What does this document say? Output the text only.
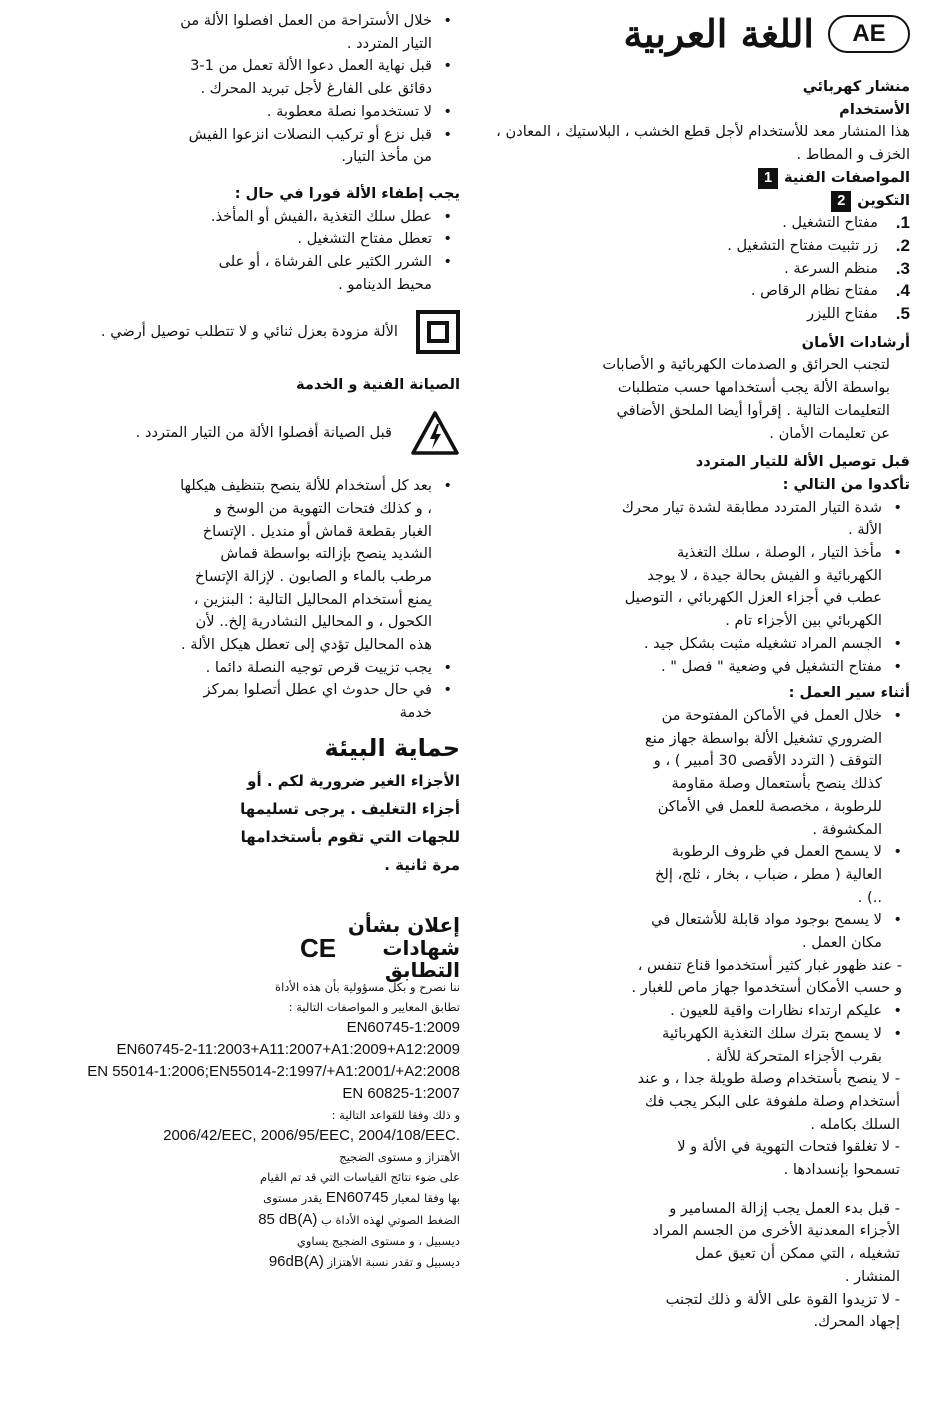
AE
اللغة العربية

منشار كهربائي

الأستخدام

هذا المنشار معد للأستخدام لأجل قطع الخشب ، البلاستيك ، المعادن ، الخزف و المطاط .

المواصفات الفنية1

التكوين2

1.
مفتاح التشغيل .
2.
زر تثبيت مفتاح التشغيل .
3.
منظم السرعة .
4.
مفتاح نظام الرقاص .
5.
مفتاح الليزر

أرشادات الأمان

لتجنب الحرائق و الصدمات الكهربائية و الأصابات بواسطة الألة يجب أستخدامها حسب متطلبات التعليمات التالية . إقرأوا أيضا الملحق الأضافي عن تعليمات الأمان .

قبل توصيل الألة للتيار المتردد

تأكدوا من التالي :

• شدة التيار المتردد مطابقة لشدة تيار محرك الألة .
• مأخذ التيار ، الوصلة ، سلك التغذية الكهربائية و الفيش بحالة جيدة ، لا يوجد عطب في أجزاء العزل الكهربائي ، التوصيل الكهربائي بين الأجزاء تام .
• الجسم المراد تشغيله مثبت بشكل جيد .
• مفتاح التشغيل في وضعية " فصل " .

أثناء سير العمل :

• خلال العمل في الأماكن المفتوحة من الضروري تشغيل الألة بواسطة جهاز منع التوقف ( التردد الأقصى 30 أمبير ) ، و كذلك ينصح بأستعمال وصلة مقاومة للرطوبة ، مخصصة للعمل في الأماكن المكشوفة .
• لا يسمح العمل في ظروف الرطوبة العالية ( مطر ، ضباب ، بخار ، ثلج، إلخ ..) .
• لا يسمح بوجود مواد قابلة للأشتعال في مكان العمل .

- عند ظهور غبار كثير أستخدموا قناع تنفس ، و حسب الأمكان أستخدموا جهاز ماص للغبار .

• عليكم ارتداء نظارات واقية للعيون .
• لا يسمح بترك سلك التغذية الكهربائية بقرب الأجزاء المتحركة للألة .

- لا ينصح بأستخدام وصلة طويلة جدا ، و عند أستخدام وصلة ملفوفة على البكر يجب فك السلك بكامله .

- لا تغلقوا فتحات التهوية في الألة و لا تسمحوا بإنسدادها .

- قبل بدء العمل يجب إزالة المسامير و الأجزاء المعدنية الأخرى من الجسم المراد تشغيله ، التي ممكن أن تعيق عمل المنشار .

- لا تزيدوا القوة على الألة و ذلك لتجنب إجهاد المحرك.

• خلال الأستراحة من العمل افصلوا الألة من التيار المتردد .
• قبل نهاية العمل دعوا الألة تعمل من 1-3 دقائق على الفارغ لأجل تبريد المحرك .
• لا تستخدموا نصلة معطوبة .
• قبل نزع أو تركيب النصلات انزعوا الفيش من مأخذ التيار.

يجب إطفاء الألة فورا في حال :

• عطل سلك التغذية ،الفيش أو المأخذ.
• تعطل مفتاح التشغيل .
• الشرر الكثير على الفرشاة ، أو على محيط الدينامو .
الألة مزودة بعزل ثنائي و لا تتطلب توصيل أرضي .

الصيانة الفنية و الخدمة

قبل الصيانة أفصلوا الألة من التيار المتردد .
• بعد كل أستخدام للألة ينصح بتنظيف هيكلها ، و كذلك فتحات التهوية من الوسخ و الغبار بقطعة قماش أو منديل . الإتساخ الشديد ينصح بإزالته بواسطة قماش مرطب بالماء و الصابون . لإزالة الإتساخ يمنع أستخدام المحاليل التالية : البنزين ، الكحول ، و المحاليل النشادرية إلخ.. لأن هذه المحاليل تؤدي إلى تعطل هيكل الألة .
• يجب تزييت قرص توجيه النصلة دائما .
• في حال حدوث اي عطل أتصلوا بمركز خدمة

حماية البيئة

الأجزاء الغير ضرورية لكم . أو أجزاء التغليف . يرجى تسليمها للجهات التي تقوم بأستخدامها مرة ثانية .

إعلان بشأن شهادات التطابق
CE

ننا نصرح و بكل مسؤولية بأن هذه الأداة

تطابق المعايير و المواصفات التالية :

EN60745-1:2009

EN60745-2-11:2003+A11:2007+A1:2009+A12:2009

EN 55014-1:2006;EN55014-2:1997/+A1:2001/+A2:2008

EN 60825-1:2007

و ذلك وفقا للقواعد التالية :

2006/42/EEC, 2006/95/EEC, 2004/108/EEC.

الأهتزاز و مستوى الضجيج

على ضوء نتائج القياسات التي قد تم القيام

بها وفقا لمعيار EN60745 يقدر مستوى

الضغط الصوتي لهذه الأداة ب 85 dB(A)

ديسبيل ، و مستوى الضجيج يساوي

ديسبيل و تقدر نسبة الأهتزاز 96dB(A)
